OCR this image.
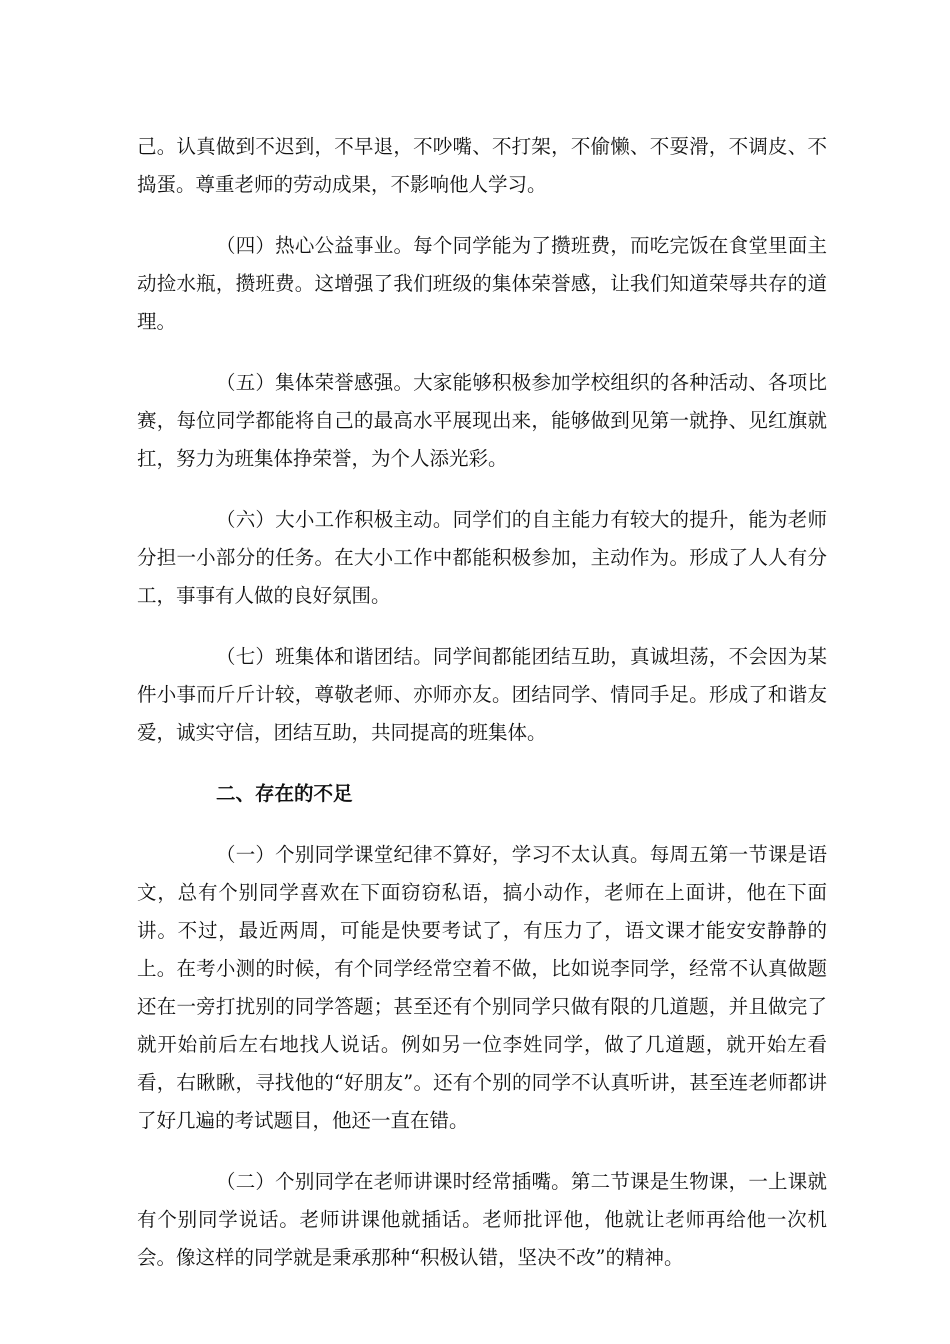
己。认真做到不迟到，不早退，不吵嘴、不打架，不偷懒、不耍滑，不调皮、不捣蛋。尊重老师的劳动成果，不影响他人学习。

（四）热心公益事业。每个同学能为了攒班费，而吃完饭在食堂里面主动捡水瓶，攒班费。这增强了我们班级的集体荣誉感，让我们知道荣辱共存的道理。

（五）集体荣誉感强。大家能够积极参加学校组织的各种活动、各项比赛，每位同学都能将自己的最高水平展现出来，能够做到见第一就挣、见红旗就扛，努力为班集体挣荣誉，为个人添光彩。

（六）大小工作积极主动。同学们的自主能力有较大的提升，能为老师分担一小部分的任务。在大小工作中都能积极参加，主动作为。形成了人人有分工，事事有人做的良好氛围。

（七）班集体和谐团结。同学间都能团结互助，真诚坦荡，不会因为某件小事而斤斤计较，尊敬老师、亦师亦友。团结同学、情同手足。形成了和谐友爱，诚实守信，团结互助，共同提高的班集体。

二、存在的不足

（一）个别同学课堂纪律不算好，学习不太认真。每周五第一节课是语文，总有个别同学喜欢在下面窃窃私语，搞小动作，老师在上面讲，他在下面讲。不过，最近两周，可能是快要考试了，有压力了，语文课才能安安静静的上。在考小测的时候，有个同学经常空着不做，比如说李同学，经常不认真做题还在一旁打扰别的同学答题；甚至还有个别同学只做有限的几道题，并且做完了就开始前后左右地找人说话。例如另一位李姓同学，做了几道题，就开始左看看，右瞅瞅，寻找他的“好朋友”。还有个别的同学不认真听讲，甚至连老师都讲了好几遍的考试题目，他还一直在错。

（二）个别同学在老师讲课时经常插嘴。第二节课是生物课，一上课就有个别同学说话。老师讲课他就插话。老师批评他，他就让老师再给他一次机会。像这样的同学就是秉承那种“积极认错，坚决不改”的精神。
